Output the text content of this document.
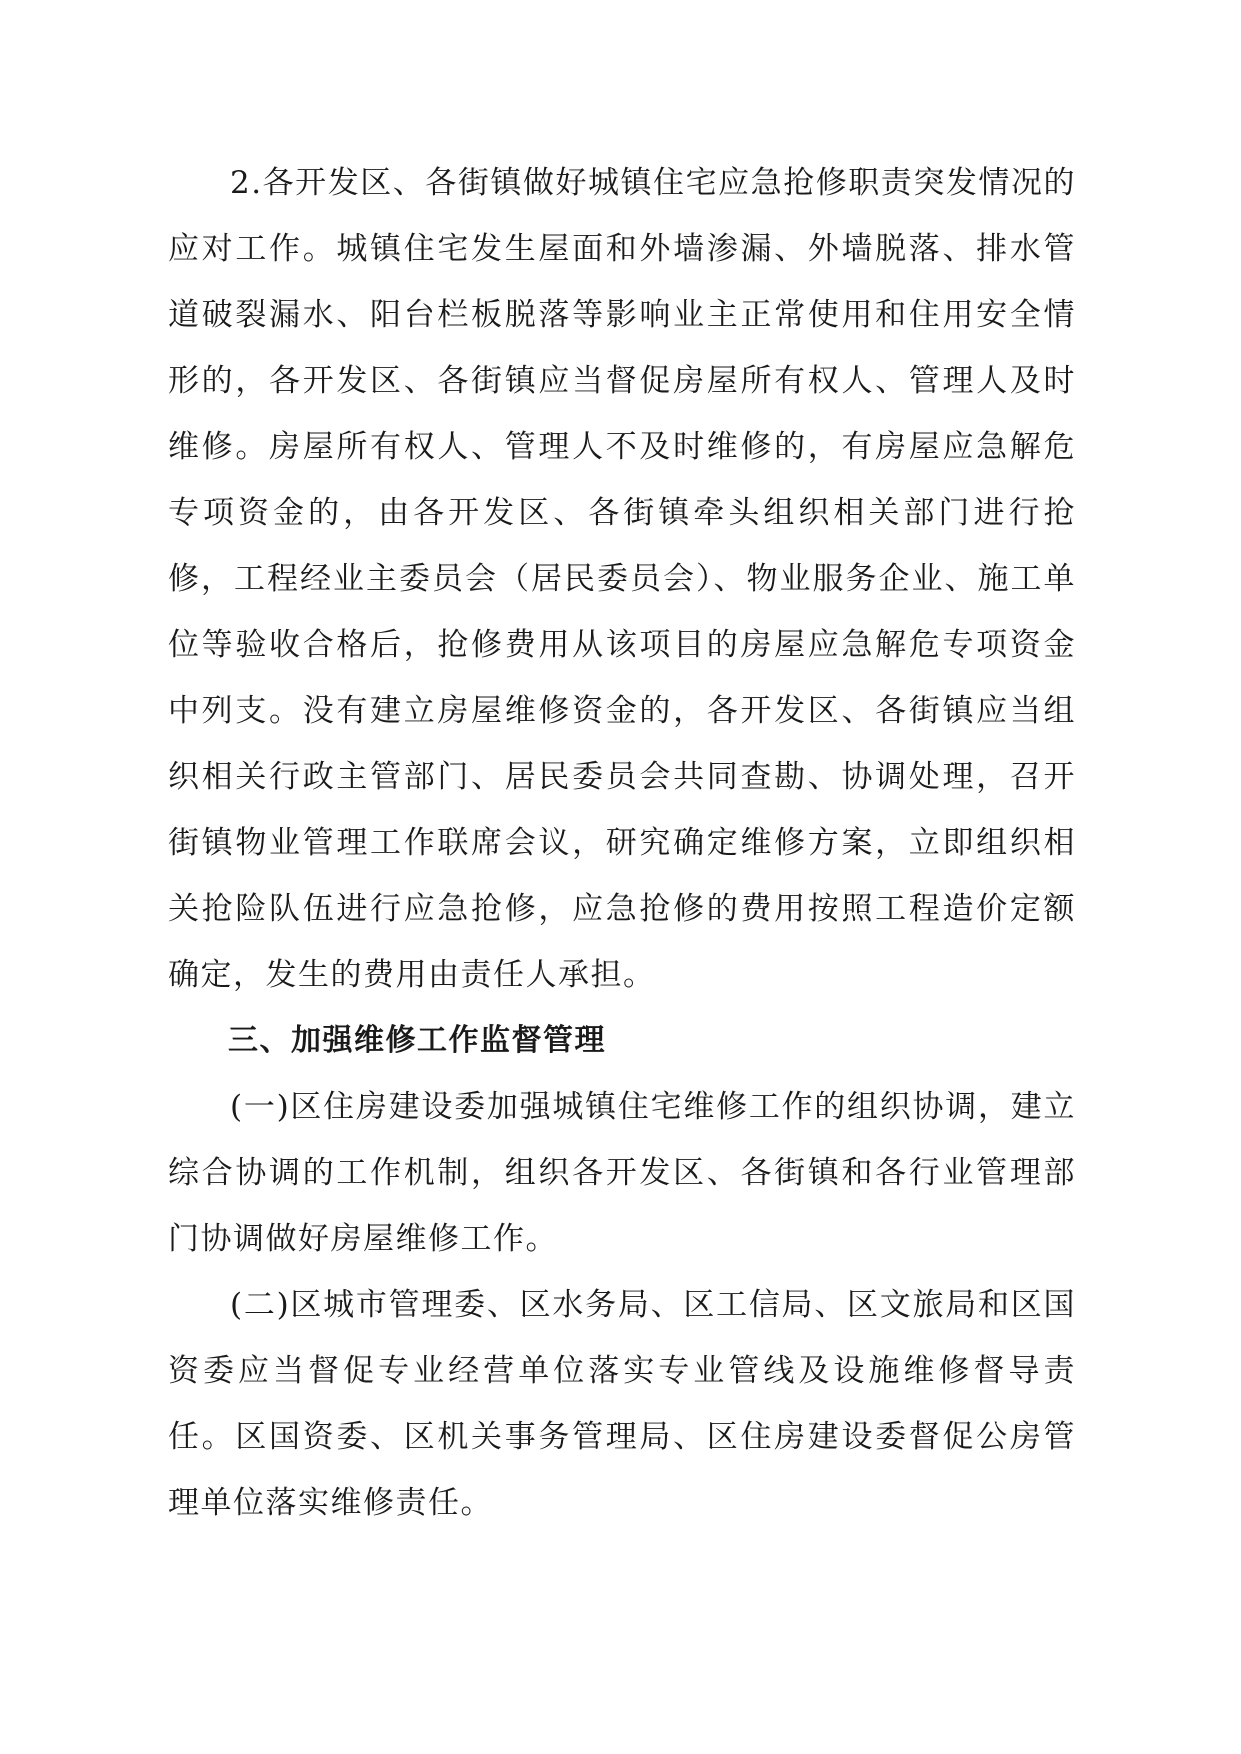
2.各开发区、各街镇做好城镇住宅应急抢修职责突发情况的应对工作。城镇住宅发生屋面和外墙渗漏、外墙脱落、排水管道破裂漏水、阳台栏板脱落等影响业主正常使用和住用安全情形的，各开发区、各街镇应当督促房屋所有权人、管理人及时维修。房屋所有权人、管理人不及时维修的，有房屋应急解危专项资金的，由各开发区、各街镇牵头组织相关部门进行抢修，工程经业主委员会（居民委员会）、物业服务企业、施工单位等验收合格后，抢修费用从该项目的房屋应急解危专项资金中列支。没有建立房屋维修资金的，各开发区、各街镇应当组织相关行政主管部门、居民委员会共同查勘、协调处理，召开街镇物业管理工作联席会议，研究确定维修方案，立即组织相关抢险队伍进行应急抢修，应急抢修的费用按照工程造价定额确定，发生的费用由责任人承担。

三、加强维修工作监督管理

(一)区住房建设委加强城镇住宅维修工作的组织协调，建立综合协调的工作机制，组织各开发区、各街镇和各行业管理部门协调做好房屋维修工作。

(二)区城市管理委、区水务局、区工信局、区文旅局和区国资委应当督促专业经营单位落实专业管线及设施维修督导责任。区国资委、区机关事务管理局、区住房建设委督促公房管理单位落实维修责任。
